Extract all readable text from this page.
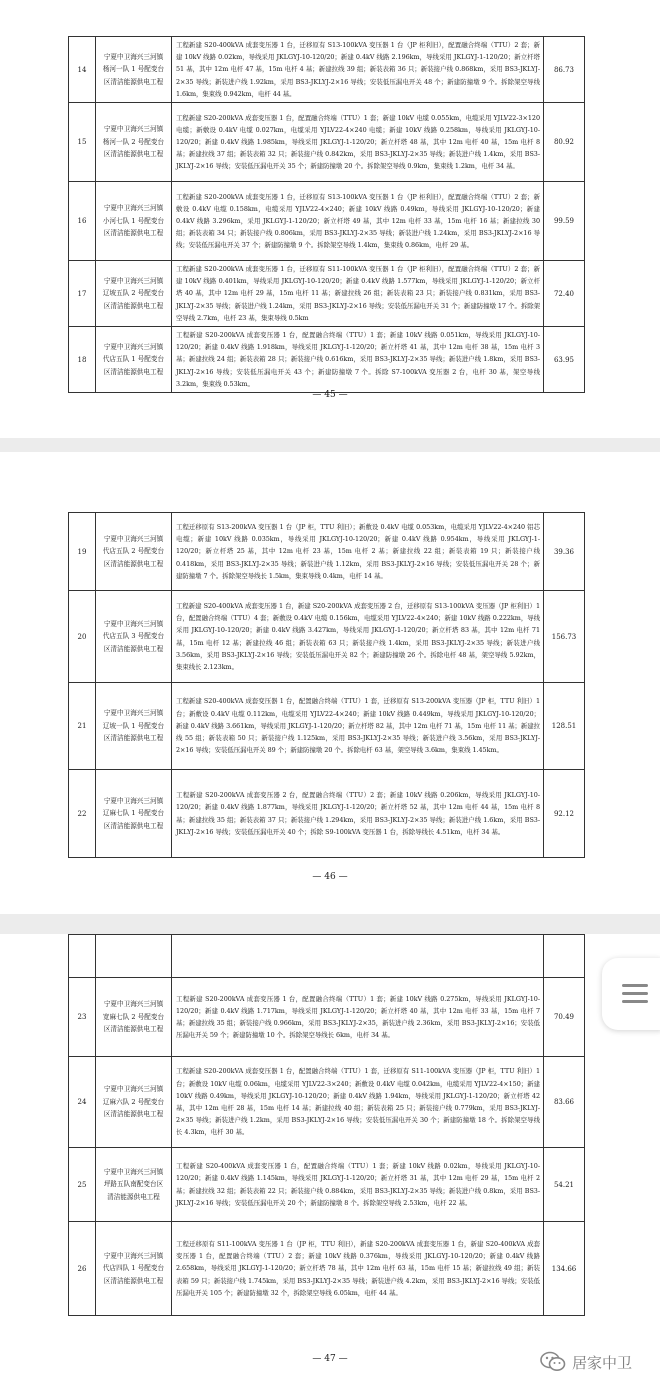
14	宁夏中卫海兴三河镇杨河一队 1 号配变台区清洁能源供电工程	工程新建 S20-400kVA 成套变压器 1 台，迁移原有 S13-100kVA 变压器 1 台（JP 柜利旧），配置融合终端（TTU）2 套；新建 10kV 线路 0.02km，导线采用 JKLGYJ-10-120/20；新建 0.4kV 线路 2.196km，导线采用 JKLGYJ-1-120/20；新立杆塔 51 基，其中 12m 电杆 47 基，15m 电杆 4 基；新建拉线 39 组；新装表箱 36 只；新装接户线 0.868km，采用 BS3-JKLYJ-2×35 导线；新装进户线 1.92km，采用 BS3-JKLYJ-2×16 导线；安装低压漏电开关 48 个；新建防撞墩 9 个。拆除架空导线 1.6km，集束线 0.942km，电杆 44 基。	86.73
15	宁夏中卫海兴三河镇杨河一队 2 号配变台区清洁能源供电工程	工程新建 S20-200kVA 成套变压器 1 台，配置融合终端（TTU）1 套；新建 10kV 电缆 0.055km，电缆采用 YJLV22-3×120 电缆；新敷设 0.4kV 电缆 0.027km，电缆采用 YJLV22-4×240 电缆；新建 10kV 线路 0.258km，导线采用 JKLGYJ-10-120/20；新建 0.4kV 线路 1.985km，导线采用 JKLGYJ-1-120/20；新立杆塔 48 基，其中 12m 电杆 40 基，15m 电杆 8 基；新建拉线 37 组；新装表箱 32 只；新装接户线 0.842km，采用 BS3-JKLYJ-2×35 导线；新装进户线 1.4km，采用 BS3-JKLYJ-2×16 导线；安装低压漏电开关 35 个；新建防撞墩 20 个。拆除架空导线 0.9km，集束线 1.2km，电杆 34 基。	80.92
16	宁夏中卫海兴三河镇小河七队 1 号配变台区清洁能源供电工程	工程新建 S20-200kVA 成套变压器 1 台，迁移原有 S13-100kVA 变压器 1 台（JP 柜利旧），配置融合终端（TTU）2 套；新敷设 0.4kV 电缆 0.158km，电缆采用 YJLV22-4×240；新建 10kV 线路 0.49km，导线采用 JKLGYJ-10-120/20；新建 0.4kV 线路 3.296km，采用 JKLGYJ-1-120/20；新立杆塔 49 基，其中 12m 电杆 33 基，15m 电杆 16 基；新建拉线 30 组；新装表箱 34 只；新装接户线 0.806km，采用 BS3-JKLYJ-2×35 导线；新装进户线 1.24km，采用 BS3-JKLYJ-2×16 导线；安装低压漏电开关 37 个；新建防撞墩 9 个。拆除架空导线 1.4km，集束线 0.86km，电杆 29 基。	99.59
17	宁夏中卫海兴三河镇辽坡五队 2 号配变台区清洁能源供电工程	工程新建 S20-200kVA 成套变压器 1 台，迁移原有 S11-100kVA 变压器 1 台（JP 柜利旧），配置融合终端（TTU）2 套；新建 10kV 线路 0.401km，导线采用 JKLGYJ-10-120/20；新建 0.4kV 线路 1.577km，导线采用 JKLGYJ-1-120/20；新立杆塔 40 基，其中 12m 电杆 29 基，15m 电杆 11 基；新建拉线 26 组；新装表箱 23 只；新装接户线 0.831km，采用 BS3-JKLYJ-2×35 导线；新装进户线 1.24km，采用 BS3-JKLYJ-2×16 导线；安装低压漏电开关 31 个；新建防撞墩 17 个。拆除架空导线 2.7km，电杆 23 基，集束导线 0.5km	72.40
18	宁夏中卫海兴三河镇代店五队 1 号配变台区清洁能源供电工程	工程新建 S20-200kVA 成套变压器 1 台，配置融合终端（TTU）1 套；新建 10kV 线路 0.051km，导线采用 JKLGYJ-10-120/20；新建 0.4kV 线路 1.918km，导线采用 JKLGYJ-1-120/20；新立杆塔 41 基，其中 12m 电杆 38 基，15m 电杆 3 基；新建拉线 24 组；新装表箱 28 只；新装接户线 0.616km，采用 BS3-JKLYJ-2×35 导线；新装进户线 1.8km，采用 BS3-JKLYJ-2×16 导线；安装低压漏电开关 43 个；新建防撞墩 7 个。拆除 S7-100kVA 变压器 2 台，电杆 30 基，架空导线 3.2km，集束线 0.53km。	63.95
— 45 —
19	宁夏中卫海兴三河镇代店五队 2 号配变台区清洁能源供电工程	工程迁移原有 S13-200kVA 变压器 1 台（JP 柜，TTU 利旧）；新敷设 0.4kV 电缆 0.053km，电缆采用 YJLV22-4×240 铝芯电缆；新建 10kV 线路 0.035km，导线采用 JKLGYJ-10-120/20；新建 0.4kV 线路 0.954km，导线采用 JKLGYJ-1-120/20；新立杆塔 25 基，其中 12m 电杆 23 基，15m 电杆 2 基；新建拉线 22 组；新装表箱 19 只；新装接户线 0.418km，采用 BS3-JKLYJ-2×35 导线；新装进户线 1.12km，采用 BS3-JKLYJ-2×16 导线；安装低压漏电开关 28 个；新建防撞墩 7 个。拆除架空导线长 1.5km，集束导线 0.4km，电杆 14 基。	39.36
20	宁夏中卫海兴三河镇代店五队 3 号配变台区清洁能源供电工程	工程新建 S20-400kVA 成套变压器 1 台，新建 S20-200kVA 成套变压器 2 台，迁移原有 S13-100kVA 变压器（JP 柜利旧）1 台，配置融合终端（TTU）4 套；新敷设 0.4kV 电缆 0.156km，电缆采用 YJLV22-4×240；新建 10kV 线路 0.222km，导线采用 JKLGYJ-10-120/20；新建 0.4kV 线路 3.427km，导线采用 JKLGYJ-1-120/20；新立杆塔 83 基，其中 12m 电杆 71 基，15m 电杆 12 基；新建拉线 46 组；新装表箱 63 只；新装接户线 1.4km，采用 BS3-JKLYJ-2×35 导线；新装进户线 3.56km，采用 BS3-JKLYJ-2×16 导线；安装低压漏电开关 82 个；新建防撞墩 26 个。拆除电杆 48 基，架空导线 5.92km，集束线长 2.123km。	156.73
21	宁夏中卫海兴三河镇辽坡一队 1 号配变台区清洁能源供电工程	工程新建 S20-400kVA 成套变压器 1 台，配置融合终端（TTU）1 套，迁移原有 S13-200kVA 变压器（JP 柜，TTU 利旧）1 台；新敷设 0.4kV 电缆 0.112km，电缆采用 YJLV22-4×240；新建 10kV 线路 0.449km，导线采用 JKLGYJ-10-120/20；新建 0.4kV 线路 3.661km，导线采用 JKLGYJ-1-120/20；新立杆塔 82 基，其中 12m 电杆 71 基，15m 电杆 11 基；新建拉线 55 组；新装表箱 50 只；新装接户线 1.125km，采用 BS3-JKLYJ-2×35 导线；新装进户线 3.56km，采用 BS3-JKLYJ-2×16 导线；安装低压漏电开关 89 个；新建防撞墩 20 个。拆除电杆 63 基，架空导线 3.6km，集束线 1.45km。	128.51
22	宁夏中卫海兴三河镇辽麻七队 1 号配变台区清洁能源供电工程	工程新建 S20-200kVA 成套变压器 2 台，配置融合终端（TTU）2 套；新建 10kV 线路 0.206km，导线采用 JKLGYJ-10-120/20；新建 0.4kV 线路 1.877km，导线采用 JKLGYJ-1-120/20；新立杆塔 52 基，其中 12m 电杆 44 基，15m 电杆 8 基；新建拉线 35 组；新装表箱 37 只；新装接户线 1.294km，采用 BS3-JKLYJ-2×35 导线；新装进户线 1.6km，采用 BS3-JKLYJ-2×16 导线；安装低压漏电开关 40 个；拆除 S9-100kVA 变压器 1 台，拆除导线长 4.51km，电杆 34 基。	92.12
— 46 —

23	宁夏中卫海兴三河镇宽麻七队 2 号配变台区清洁能源供电工程	工程新建 S20-200kVA 成套变压器 1 台，配置融合终端（TTU）1 套；新建 10kV 线路 0.275km，导线采用 JKLGYJ-10-120/20；新建 0.4kV 线路 1.717km，导线采用 JKLGYJ-1-120/20；新立杆塔 40 基，其中 12m 电杆 33 基，15m 电杆 7 基；新建拉线 35 组；新装接户线 0.966km，采用 BS3-JKLYJ-2×35，新装进户线 2.36km，采用 BS3-JKLYJ-2×16；安装低压漏电开关 59 个；新建防撞墩 10 个。拆除架空导线长 6km，电杆 34 基。	70.49
24	宁夏中卫海兴三河镇辽麻六队 2 号配变台区清洁能源供电工程	工程新建 S20-200kVA 成套变压器 1 台，配置融合终端（TTU）1 套，迁移原有 S11-100kVA 变压器（JP 柜，TTU 利旧）1 台；新敷设 10kV 电缆 0.06km，电缆采用 YJLV22-3×240；新敷设 0.4kV 电缆 0.042km，电缆采用 YJLV22-4×150；新建 10kV 线路 0.49km，导线采用 JKLGYJ-10-120/20；新建 0.4kV 线路 1.94km，导线采用 JKLGYJ-1-120/20；新立杆塔 42 基，其中 12m 电杆 28 基，15m 电杆 14 基；新建拉线 40 组；新装表箱 25 只；新装接户线 0.779km，采用 BS3-JKLYJ-2×35 导线；新装进户线 1.2km，采用 BS3-JKLYJ-2×16 导线；安装低压漏电开关 30 个；新建防撞墩 18 个。拆除架空导线长 4.3km，电杆 30 基。	83.66
25	宁夏中卫海兴三河镇坪路五队南配变台区清洁能源供电工程	工程新建 S20-400kVA 成套变压器 1 台，配置融合终端（TTU）1 套；新建 10kV 线路 0.02km，导线采用 JKLGYJ-10-120/20；新建 0.4kV 线路 1.145km，导线采用 JKLGYJ-1-120/20；新立杆塔 31 基，其中 12m 电杆 29 基，15m 电杆 2 基；新建拉线 32 组；新装表箱 22 只；新装接户线 0.884km，采用 BS3-JKLYJ-2×35 导线；新装进户线 0.8km，采用 BS3-JKLYJ-2×16 导线；安装低压漏电开关 20 个；新建防撞墩 8 个。拆除架空导线 2.53km，电杆 22 基。	54.21
26	宁夏中卫海兴三河镇代店四队 1 号配变台区清洁能源供电工程	工程迁移原有 S11-100kVA 变压器 1 台（JP 柜，TTU 利旧），新建 S20-200kVA 成套变压器 1 台，新建 S20-400kVA 成套变压器 1 台，配置融合终端（TTU）2 套；新建 10kV 线路 0.376km，导线采用 JKLGYJ-10-120/20；新建 0.4kV 线路 2.658km，导线采用 JKLGYJ-1-120/20；新立杆塔 78 基，其中 12m 电杆 63 基，15m 电杆 15 基；新建拉线 49 组；新装表箱 59 只；新装接户线 1.745km，采用 BS3-JKLYJ-2×35 导线；新装进户线 4.2km，采用 BS3-JKLYJ-2×16 导线；安装低压漏电开关 105 个；新建防撞墩 32 个，拆除架空导线 6.05km，电杆 44 基。	134.66
— 47 —	居家中卫
